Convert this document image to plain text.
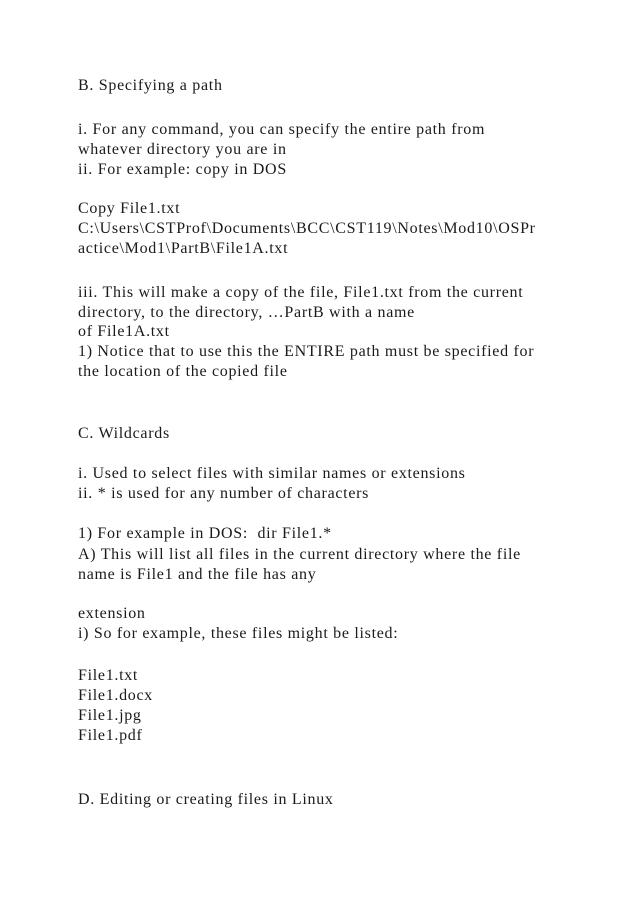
B. Specifying a path

i. For any command, you can specify the entire path from

whatever directory you are in

ii. For example: copy in DOS

Copy File1.txt

C:\Users\CSTProf\Documents\BCC\CST119\Notes\Mod10\OSPr

actice\Mod1\PartB\File1A.txt

iii. This will make a copy of the file, File1.txt from the current

directory, to the directory, …PartB with a name

of File1A.txt

1) Notice that to use this the ENTIRE path must be specified for

the location of the copied file

C. Wildcards

i. Used to select files with similar names or extensions

ii. * is used for any number of characters

1) For example in DOS:  dir File1.*

A) This will list all files in the current directory where the file

name is File1 and the file has any

extension

i) So for example, these files might be listed:

File1.txt

File1.docx

File1.jpg

File1.pdf

D. Editing or creating files in Linux
